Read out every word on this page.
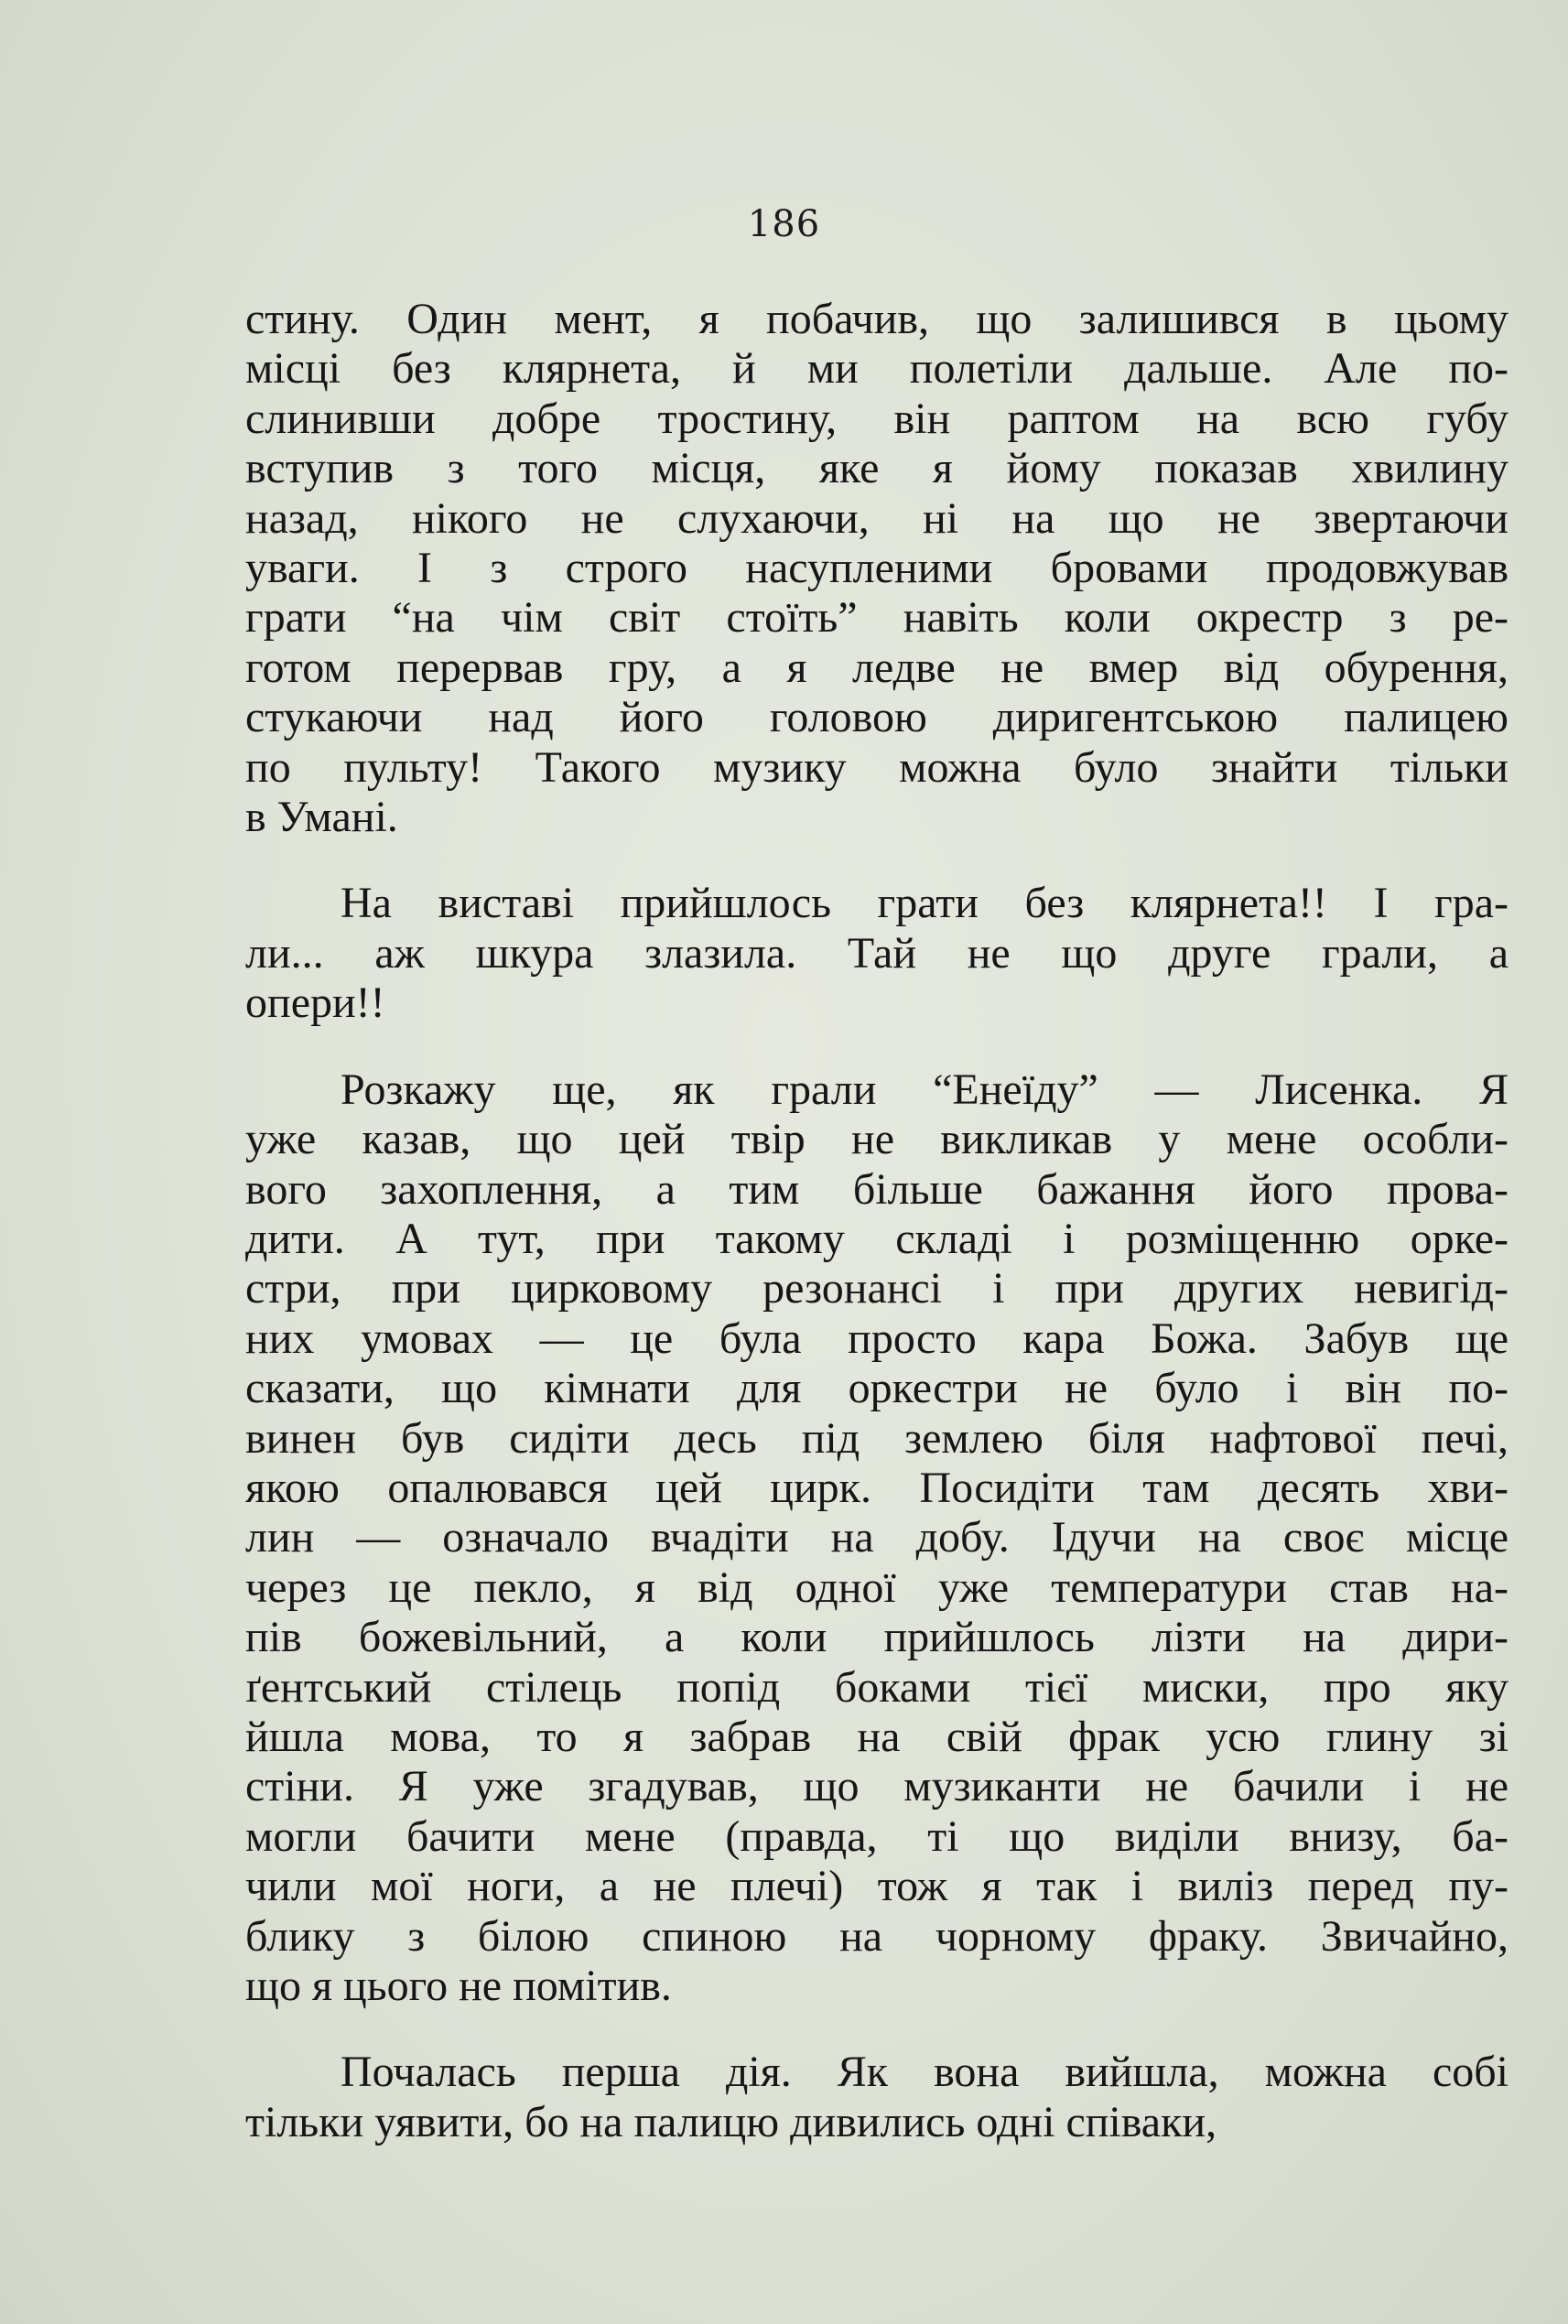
186
стину. Один мент, я побачив, що залишився в цьому
місці без клярнета, й ми полетіли дальше. Але по-
слинивши добре тростину, він раптом на всю губу
вступив з того місця, яке я йому показав хвилину
назад, нікого не слухаючи, ні на що не звертаючи
уваги. І з строго насупленими бровами продовжував
грати “на чім світ стоїть” навіть коли окрестр з ре-
готом перервав гру, а я ледве не вмер від обурення,
стукаючи над його головою диригентською палицею
по пульту! Такого музику можна було знайти тільки
в Умані.
На виставі прийшлось грати без клярнета!! І гра-
ли... аж шкура злазила. Тай не що друге грали, а
опери!!
Розкажу ще, як грали “Енеїду” — Лисенка. Я
уже казав, що цей твір не викликав у мене особли-
вого захоплення, а тим більше бажання його прова-
дити. А тут, при такому складі і розміщенню орке-
стри, при цирковому резонансі і при других невигід-
них умовах — це була просто кара Божа. Забув ще
сказати, що кімнати для оркестри не було і він по-
винен був сидіти десь під землею біля нафтової печі,
якою опалювався цей цирк. Посидіти там десять хви-
лин — означало вчадіти на добу. Ідучи на своє місце
через це пекло, я від одної уже температури став на-
пів божевільний, а коли прийшлось лізти на дири-
ґентський стілець попід боками тієї миски, про яку
йшла мова, то я забрав на свій фрак усю глину зі
стіни. Я уже згадував, що музиканти не бачили і не
могли бачити мене (правда, ті що виділи внизу, ба-
чили мої ноги, а не плечі) тож я так і виліз перед пу-
блику з білою спиною на чорному фраку. Звичайно,
що я цього не помітив.
Почалась перша дія. Як вона вийшла, можна собі
тільки уявити, бо на палицю дивились одні співаки,
